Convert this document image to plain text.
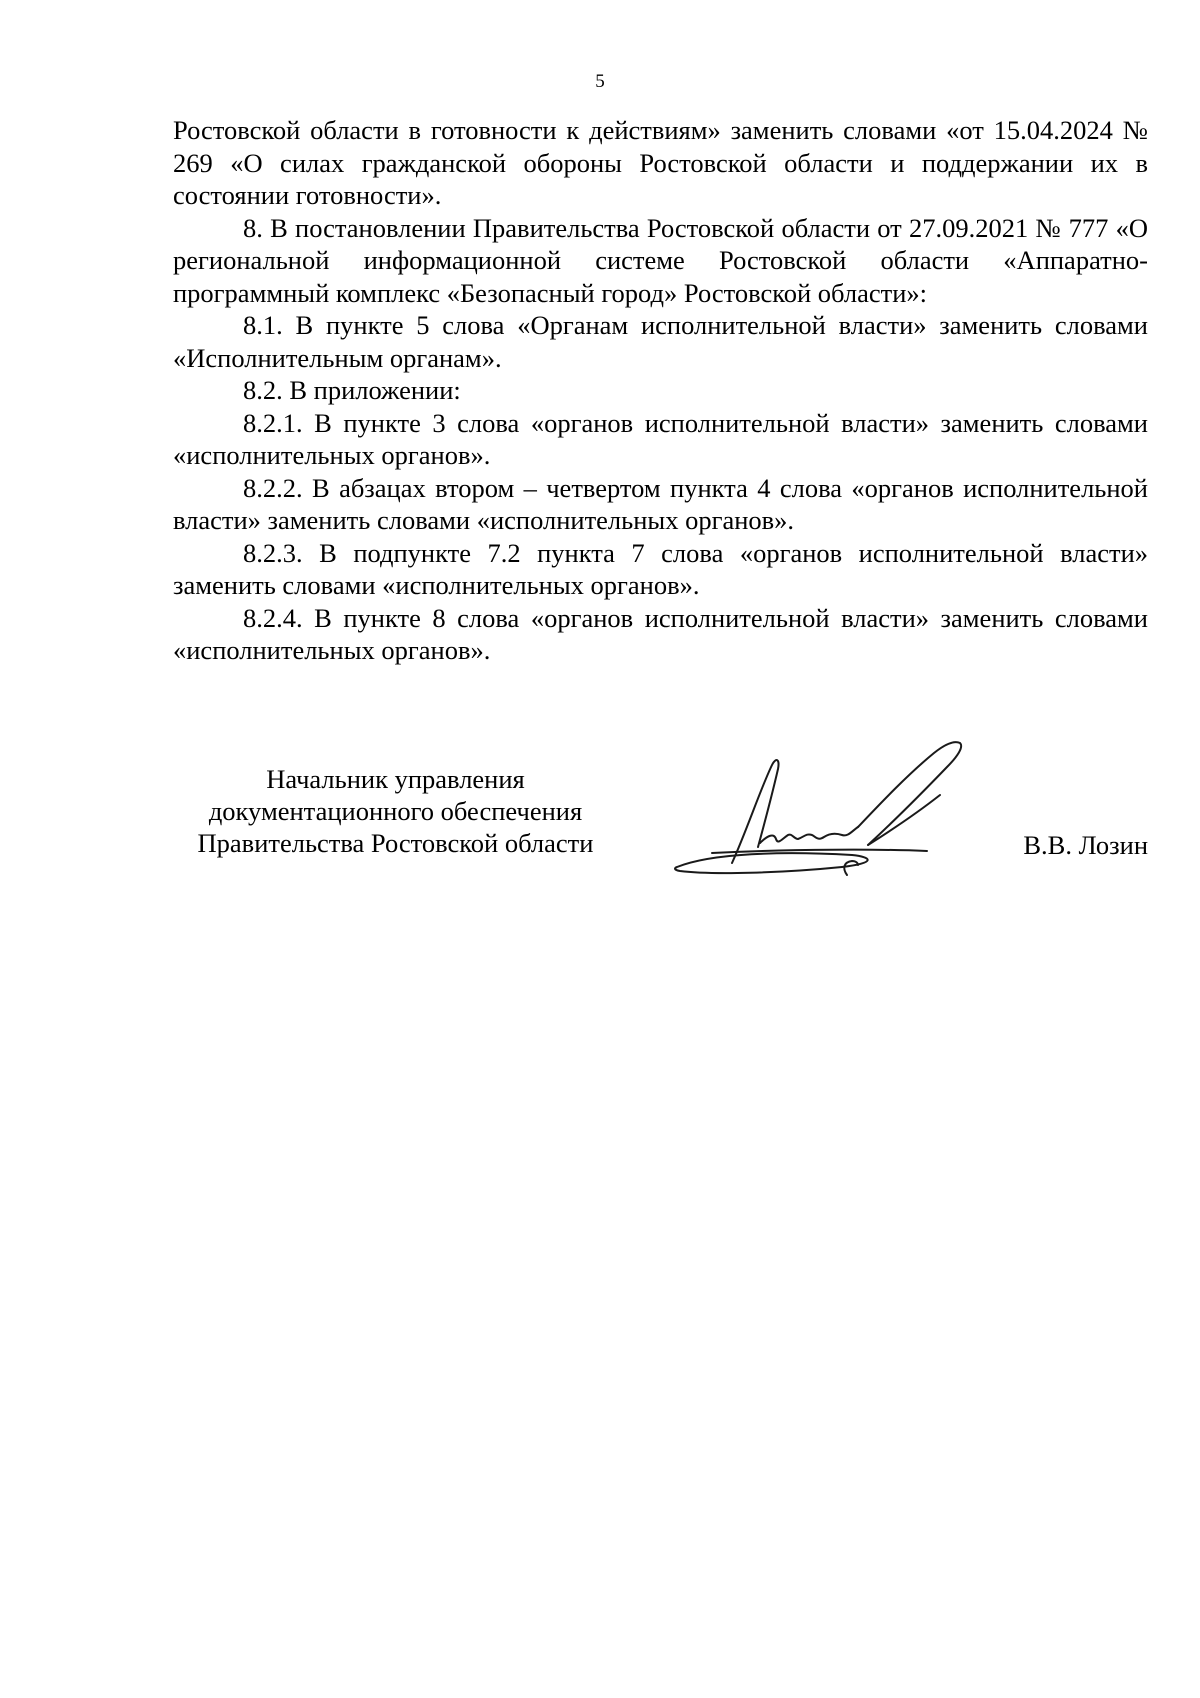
5

Ростовской области в готовности к действиям» заменить словами «от 15.04.2024 № 269 «О силах гражданской обороны Ростовской области и поддержании их в состоянии готовности».

8. В постановлении Правительства Ростовской области от 27.09.2021 № 777 «О региональной информационной системе Ростовской области «Аппаратно-программный комплекс «Безопасный город» Ростовской области»:

8.1. В пункте 5 слова «Органам исполнительной власти» заменить словами «Исполнительным органам».

8.2. В приложении:

8.2.1. В пункте 3 слова «органов исполнительной власти» заменить словами «исполнительных органов».

8.2.2. В абзацах втором – четвертом пункта 4 слова «органов исполнительной власти» заменить словами «исполнительных органов».

8.2.3. В подпункте 7.2 пункта 7 слова «органов исполнительной власти» заменить словами «исполнительных органов».

8.2.4. В пункте 8 слова «органов исполнительной власти» заменить словами «исполнительных органов».

Начальник управления
документационного обеспечения
Правительства Ростовской области	В.В. Лозин
